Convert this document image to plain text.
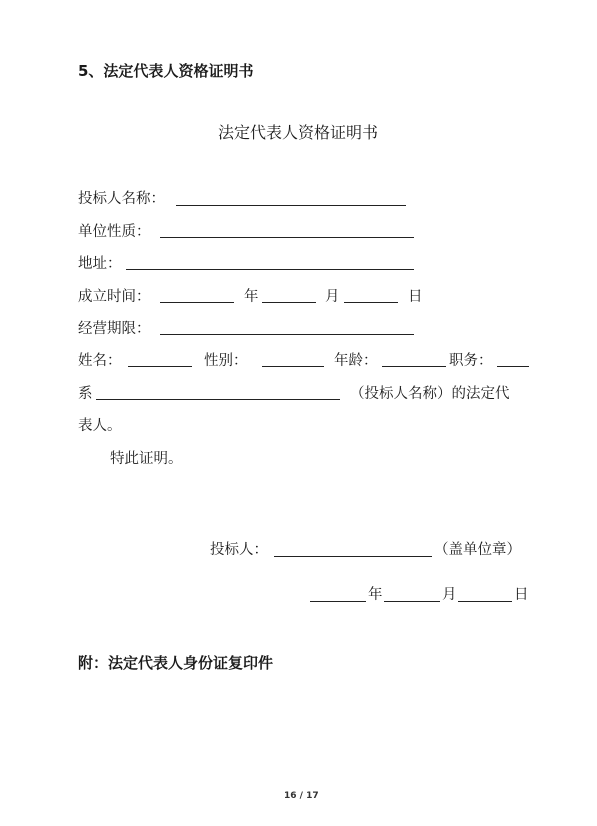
5、法定代表人资格证明书
法定代表人资格证明书
投标人名称：
单位性质：
地址：
成立时间：	年	月	日
经营期限：
姓名：	性别：	年龄：	职务：
系	（投标人名称）的法定代
表人。
特此证明。
投标人：	（盖单位章）
年	月	日
附：法定代表人身份证复印件
16 / 17
